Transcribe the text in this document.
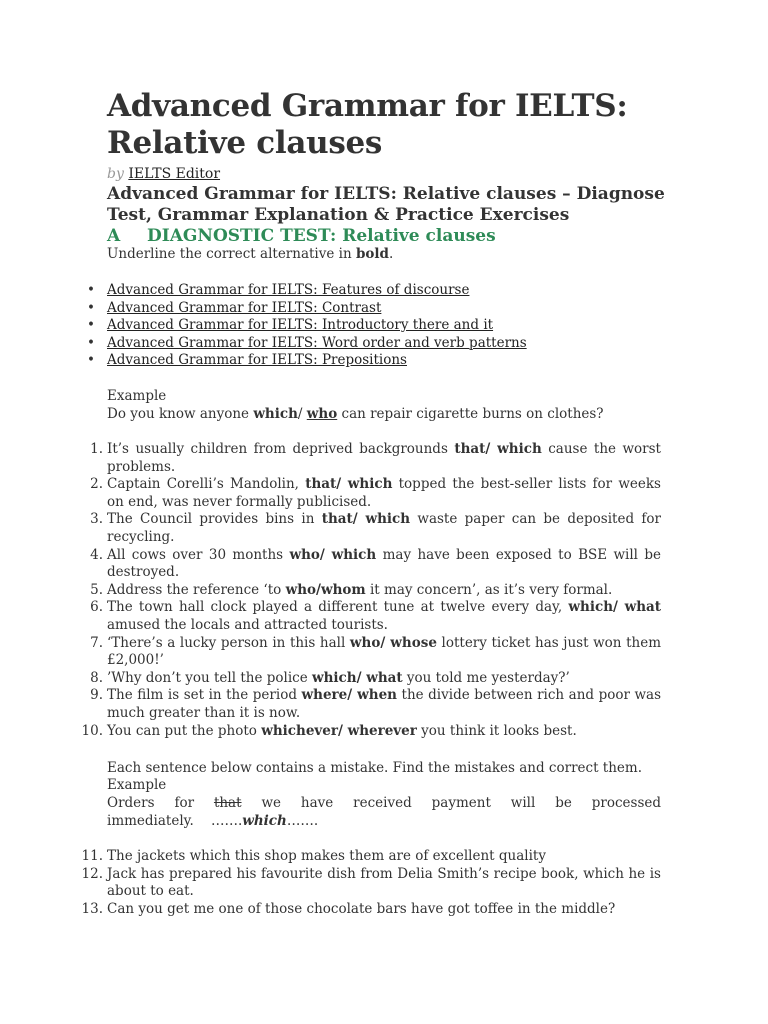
Advanced Grammar for IELTS: Relative clauses
by IELTS Editor

Advanced Grammar for IELTS: Relative clauses – Diagnose Test, Grammar Explanation & Practice Exercises

A DIAGNOSTIC TEST: Relative clauses

Underline the correct alternative in bold.
• Advanced Grammar for IELTS: Features of discourse
• Advanced Grammar for IELTS: Contrast
• Advanced Grammar for IELTS: Introductory there and it
• Advanced Grammar for IELTS: Word order and verb patterns
• Advanced Grammar for IELTS: Prepositions
Example
Do you know anyone which/ who can repair cigarette burns on clothes?
1. It’s usually children from deprived backgrounds that/ which cause the worst problems.
2. Captain Corelli’s Mandolin, that/ which topped the best-seller lists for weeks on end, was never formally publicised.
3. The Council provides bins in that/ which waste paper can be deposited for recycling.
4. All cows over 30 months who/ which may have been exposed to BSE will be destroyed.
5. Address the reference ‘to who/whom it may concern’, as it’s very formal.
6. The town hall clock played a different tune at twelve every day, which/ what amused the locals and attracted tourists.
7. ‘There’s a lucky person in this hall who/ whose lottery ticket has just won them £2,000!’
8. ’Why don’t you tell the police which/ what you told me yesterday?’
9. The film is set in the period where/ when the divide between rich and poor was much greater than it is now.
10. You can put the photo whichever/ wherever you think it looks best.
Each sentence below contains a mistake. Find the mistakes and correct them.
Example
Orders for that we have received payment will be processed
immediately.    …….which…….
11. The jackets which this shop makes them are of excellent quality
12. Jack has prepared his favourite dish from Delia Smith’s recipe book, which he is about to eat.
13. Can you get me one of those chocolate bars have got toffee in the middle?
